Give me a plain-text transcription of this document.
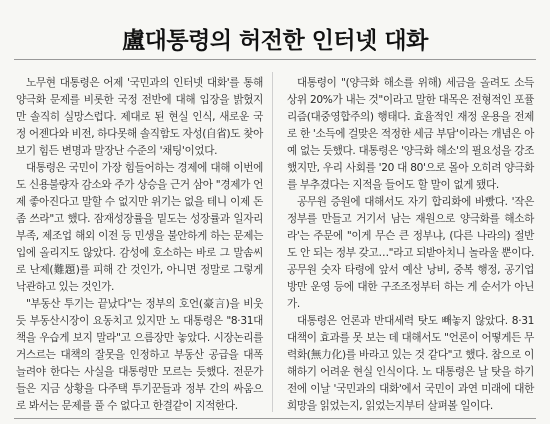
盧대통령의 허전한 인터넷 대화

노무현 대통령은 어제 '국민과의 인터넷 대화'를 통해 양극화 문제를 비롯한 국정 전반에 대해 입장을 밝혔지만 솔직히 실망스럽다. 제대로 된 현실 인식, 새로운 국정 어젠다와 비전, 하다못해 솔직함도 자성(自省)도 찾아보기 힘든 변명과 말장난 수준의 '채팅'이었다.

대통령은 국민이 가장 힘들어하는 경제에 대해 이번에도 신용불량자 감소와 주가 상승을 근거 삼아 "경제가 언제 좋아진다고 말할 수 없지만 위기는 없을 테니 이제 돈좀 쓰라"고 했다. 잠재성장률을 밑도는 성장률과 일자리 부족, 제조업 해외 이전 등 민생을 불안하게 하는 문제는 입에 올리지도 않았다. 감성에 호소하는 바로 그 말솜씨로 난제(難題)를 피해 간 것인가, 아니면 정말로 그렇게 낙관하고 있는 것인가.

"부동산 투기는 끝났다"는 정부의 호언(豪言)을 비웃듯 부동산시장이 요동치고 있지만 노 대통령은 "8·31대책을 우습게 보지 말라"고 으름장만 놓았다. 시장논리를 거스르는 대책의 잘못을 인정하고 부동산 공급을 대폭 늘려야 한다는 사실을 대통령만 모르는 듯했다. 전문가들은 지금 상황을 다주택 투기꾼들과 정부 간의 싸움으로 봐서는 문제를 풀 수 없다고 한결같이 지적한다.

대통령이 "(양극화 해소를 위해) 세금을 올려도 소득 상위 20%가 내는 것"이라고 말한 대목은 전형적인 포퓰리즘(대중영합주의) 행태다. 효율적인 재정 운용을 전제로 한 '소득에 걸맞은 적정한 세금 부담'이라는 개념은 아예 없는 듯했다. 대통령은 '양극화 해소'의 필요성을 강조했지만, 우리 사회를 '20 대 80'으로 몰아 오히려 양극화를 부추겼다는 지적을 들어도 할 말이 없게 됐다.

공무원 증원에 대해서도 자기 합리화에 바빴다. '작은 정부를 만들고 거기서 남는 재원으로 양극화를 해소하라'는 주문에 "이게 무슨 큰 정부냐, (다른 나라의) 절반도 안 되는 정부 갖고…"라고 되받아치니 놀라울 뿐이다. 공무원 숫자 타령에 앞서 예산 낭비, 중복 행정, 공기업 방만 운영 등에 대한 구조조정부터 하는 게 순서가 아닌가.

대통령은 언론과 반대세력 탓도 빼놓지 않았다. 8·31대책이 효과를 못 보는 데 대해서도 "언론이 어떻게든 무력화(無力化)를 바라고 있는 것 같다"고 했다. 참으로 이해하기 어려운 현실 인식이다. 노 대통령은 날 탓을 하기 전에 이날 '국민과의 대화'에서 국민이 과연 미래에 대한 희망을 읽었는지, 읽었는지부터 살펴볼 일이다.
